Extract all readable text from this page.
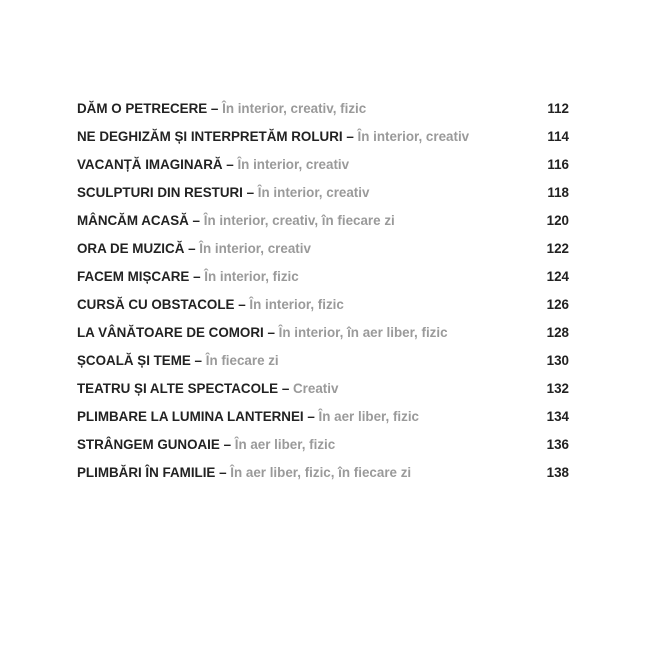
DĂM O PETRECERE – În interior, creativ, fizic	112
NE DEGHIZĂM ȘI INTERPRETĂM ROLURI – În interior, creativ	114
VACANȚĂ IMAGINARĂ – În interior, creativ	116
SCULPTURI DIN RESTURI – În interior, creativ	118
MÂNCĂM ACASĂ – În interior, creativ, în fiecare zi	120
ORA DE MUZICĂ – În interior, creativ	122
FACEM MIȘCARE – În interior, fizic	124
CURSĂ CU OBSTACOLE – În interior, fizic	126
LA VÂNĂTOARE DE COMORI – În interior, în aer liber, fizic	128
ȘCOALĂ ȘI TEME – În fiecare zi	130
TEATRU ȘI ALTE SPECTACOLE – Creativ	132
PLIMBARE LA LUMINA LANTERNEI – În aer liber, fizic	134
STRÂNGEM GUNOAIE – În aer liber, fizic	136
PLIMBĂRI ÎN FAMILIE – În aer liber, fizic, în fiecare zi	138
